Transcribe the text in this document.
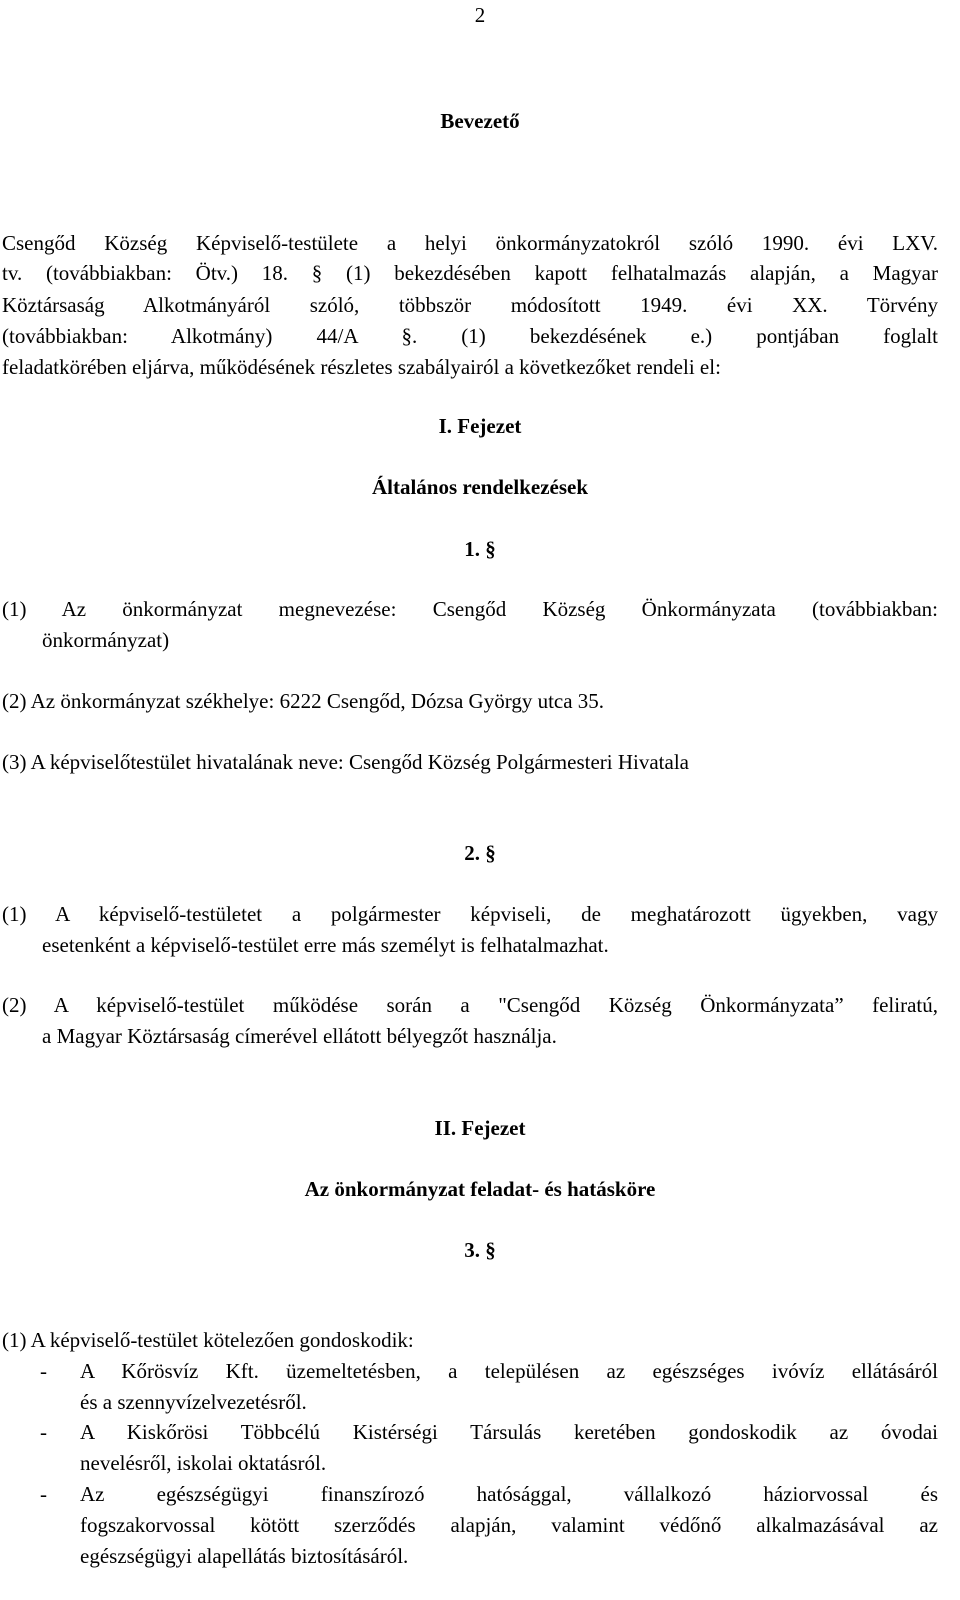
2
Bevezető
Csengőd Község Képviselő-testülete a helyi önkormányzatokról szóló 1990. évi LXV.
tv. (továbbiakban: Ötv.) 18. § (1) bekezdésében kapott felhatalmazás alapján, a Magyar
Köztársaság Alkotmányáról szóló, többször módosított 1949. évi XX. Törvény
(továbbiakban: Alkotmány) 44/A §. (1) bekezdésének e.) pontjában foglalt
feladatkörében eljárva, működésének részletes szabályairól a következőket rendeli el:
I. Fejezet
Általános rendelkezések
1. §
(1) Az önkormányzat megnevezése: Csengőd Község Önkormányzata (továbbiakban:
önkormányzat)
(2) Az önkormányzat székhelye: 6222 Csengőd, Dózsa György utca 35.
(3) A képviselőtestület hivatalának neve: Csengőd Község Polgármesteri Hivatala
2. §
(1) A képviselő-testületet a polgármester képviseli, de meghatározott ügyekben, vagy
esetenként a képviselő-testület erre más személyt is felhatalmazhat.
(2) A képviselő-testület működése során a "Csengőd Község Önkormányzata” feliratú,
a Magyar Köztársaság címerével ellátott bélyegzőt használja.
II. Fejezet
Az önkormányzat feladat- és hatásköre
3. §
(1) A képviselő-testület kötelezően gondoskodik:
- A Kőrösvíz Kft. üzemeltetésben, a településen az egészséges ivóvíz ellátásáról
és a szennyvízelvezetésről.
- A Kiskőrösi Többcélú Kistérségi Társulás keretében gondoskodik az óvodai
nevelésről, iskolai oktatásról.
- Az egészségügyi finanszírozó hatósággal, vállalkozó háziorvossal és
fogszakorvossal kötött szerződés alapján, valamint védőnő alkalmazásával az
egészségügyi alapellátás biztosításáról.
